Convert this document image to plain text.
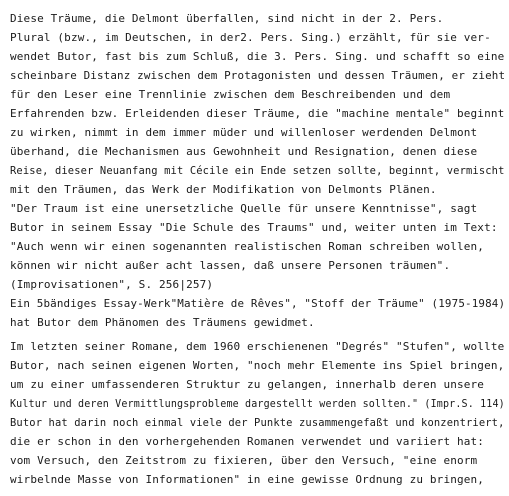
Diese Träume, die Delmont überfallen, sind nicht in der 2. Pers.
Plural (bzw., im Deutschen, in der2. Pers. Sing.) erzählt, für sie ver-
wendet Butor, fast bis zum Schluß, die 3. Pers. Sing. und schafft so eine
scheinbare Distanz zwischen dem Protagonisten und dessen Träumen, er zieht
für den Leser eine Trennlinie zwischen dem Beschreibenden und dem
Erfahrenden bzw. Erleidenden dieser Träume, die "machine mentale" beginnt
zu wirken, nimmt in dem immer müder und willenloser werdenden Delmont
überhand, die Mechanismen aus Gewohnheit und Resignation, denen diese
Reise, dieser Neuanfang mit Cécile ein Ende setzen sollte, beginnt, vermischt
mit den Träumen, das Werk der Modifikation von Delmonts Plänen.
"Der Traum ist eine unersetzliche Quelle für unsere Kenntnisse", sagt
Butor in seinem Essay "Die Schule des Traums" und, weiter unten im Text:
"Auch wenn wir einen sogenannten realistischen Roman schreiben wollen,
können wir nicht außer acht lassen, daß unsere Personen träumen".
(Improvisationen", S. 256|257)
Ein 5bändiges Essay-Werk"Matière de Rêves", "Stoff der Träume" (1975-1984)
hat Butor dem Phänomen des Träumens gewidmet.
Im letzten seiner Romane, dem 1960 erschienenen "Degrés" "Stufen", wollte
Butor, nach seinen eigenen Worten, "noch mehr Elemente ins Spiel bringen,
um zu einer umfassenderen Struktur zu gelangen, innerhalb deren unsere
Kultur und deren Vermittlungsprobleme dargestellt werden sollten." (Impr.S. 114)
Butor hat darin noch einmal viele der Punkte zusammengefaßt und konzentriert,
die er schon in den vorhergehenden Romanen verwendet und variiert hat:
vom Versuch, den Zeitstrom zu fixieren, über den Versuch, "eine enorm
wirbelnde Masse von Informationen" in eine gewisse Ordnung zu bringen,
